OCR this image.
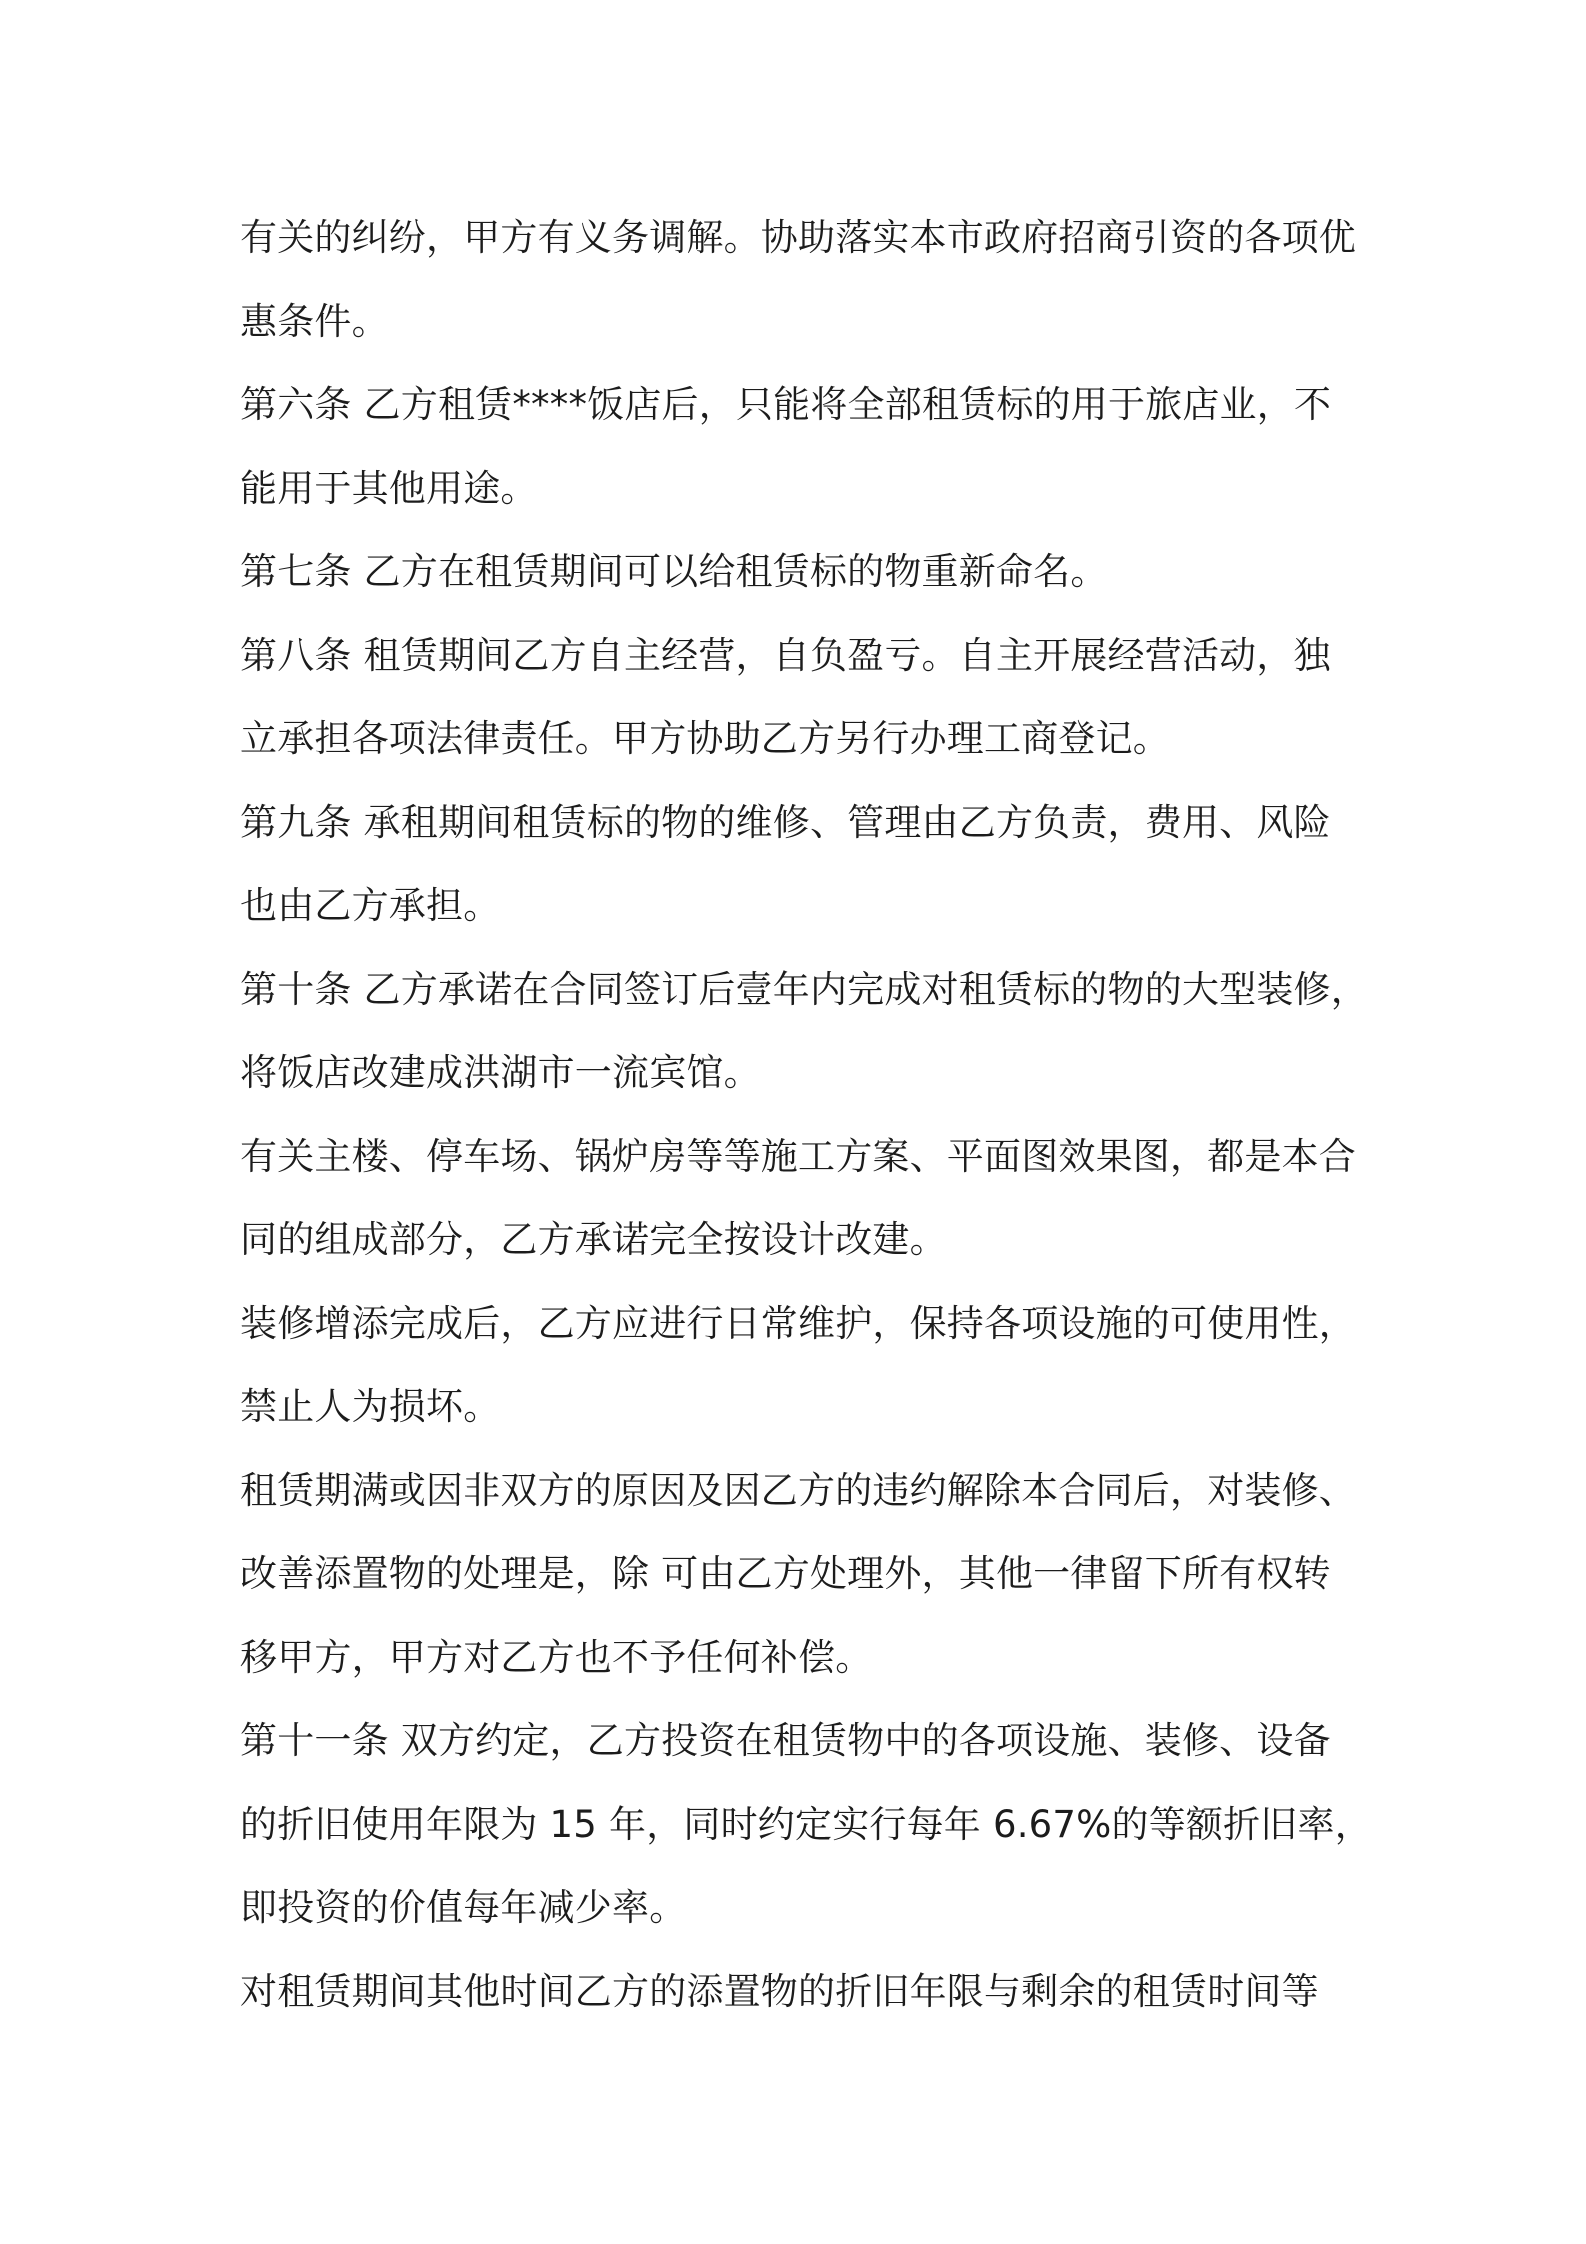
有关的纠纷，甲方有义务调解。协助落实本市政府招商引资的各项优
惠条件。
第六条 乙方租赁****饭店后，只能将全部租赁标的用于旅店业，不
能用于其他用途。
第七条 乙方在租赁期间可以给租赁标的物重新命名。
第八条 租赁期间乙方自主经营，自负盈亏。自主开展经营活动，独
立承担各项法律责任。甲方协助乙方另行办理工商登记。
第九条 承租期间租赁标的物的维修、管理由乙方负责，费用、风险
也由乙方承担。
第十条 乙方承诺在合同签订后壹年内完成对租赁标的物的大型装修，
将饭店改建成洪湖市一流宾馆。
有关主楼、停车场、锅炉房等等施工方案、平面图效果图，都是本合
同的组成部分，乙方承诺完全按设计改建。
装修增添完成后，乙方应进行日常维护，保持各项设施的可使用性，
禁止人为损坏。
租赁期满或因非双方的原因及因乙方的违约解除本合同后，对装修、
改善添置物的处理是，除 可由乙方处理外，其他一律留下所有权转
移甲方，甲方对乙方也不予任何补偿。
第十一条 双方约定，乙方投资在租赁物中的各项设施、装修、设备
的折旧使用年限为 15 年，同时约定实行每年 6.67%的等额折旧率，
即投资的价值每年减少率。
对租赁期间其他时间乙方的添置物的折旧年限与剩余的租赁时间等
